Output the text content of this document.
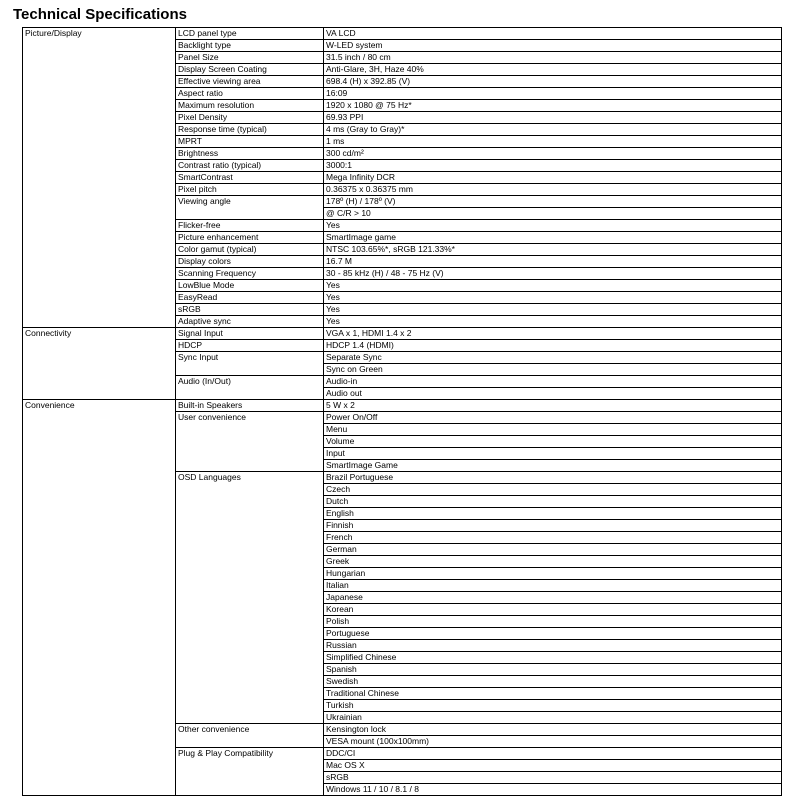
Technical Specifications
Picture/Display	LCD panel type	VA LCD
	Backlight type	W-LED system
	Panel Size	31.5 inch / 80 cm
	Display Screen Coating	Anti-Glare, 3H, Haze 40%
	Effective viewing area	698.4 (H) x 392.85 (V)
	Aspect ratio	16:09
	Maximum resolution	1920 x 1080 @ 75 Hz*
	Pixel Density	69.93 PPI
	Response time (typical)	4 ms (Gray to Gray)*
	MPRT	1 ms
	Brightness	300 cd/m²
	Contrast ratio (typical)	3000:1
	SmartContrast	Mega Infinity DCR
	Pixel pitch	0.36375 x 0.36375 mm
	Viewing angle	178º (H) / 178º (V)
		@ C/R > 10
	Flicker-free	Yes
	Picture enhancement	SmartImage game
	Color gamut (typical)	NTSC 103.65%*, sRGB 121.33%*
	Display colors	16.7 M
	Scanning Frequency	30 - 85 kHz (H) / 48 - 75 Hz (V)
	LowBlue Mode	Yes
	EasyRead	Yes
	sRGB	Yes
	Adaptive sync	Yes
Connectivity	Signal Input	VGA x 1, HDMI 1.4 x 2
	HDCP	HDCP 1.4 (HDMI)
	Sync Input	Separate Sync
		Sync on Green
	Audio (In/Out)	Audio-in
		Audio out
Convenience	Built-in Speakers	5 W x 2
	User convenience	Power On/Off
		Menu
		Volume
		Input
		SmartImage Game
	OSD Languages	Brazil Portuguese
		Czech
		Dutch
		English
		Finnish
		French
		German
		Greek
		Hungarian
		Italian
		Japanese
		Korean
		Polish
		Portuguese
		Russian
		Simplified Chinese
		Spanish
		Swedish
		Traditional Chinese
		Turkish
		Ukrainian
	Other convenience	Kensington lock
		VESA mount (100x100mm)
	Plug & Play Compatibility	DDC/CI
		Mac OS X
		sRGB
		Windows 11 / 10 / 8.1 / 8
